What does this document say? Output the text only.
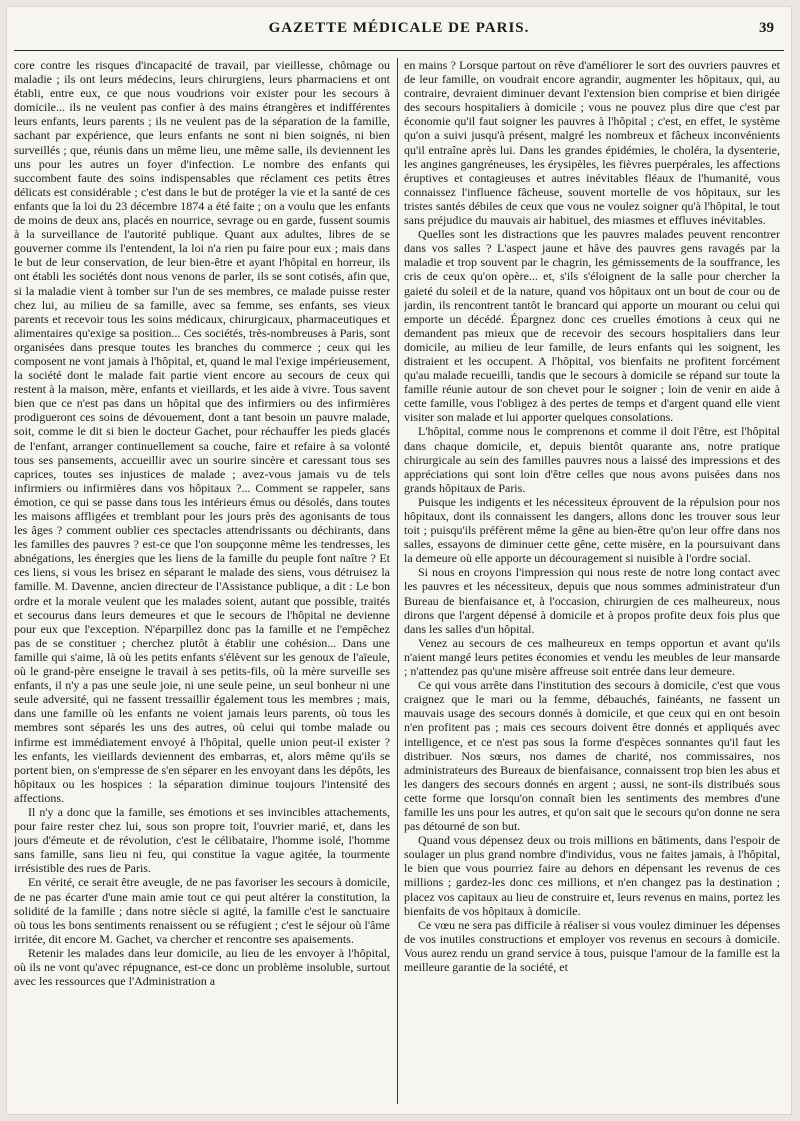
GAZETTE MÉDICALE DE PARIS.	39

core contre les risques d'incapacité de travail, par vieillesse, chômage ou maladie ; ils ont leurs médecins, leurs chirurgiens, leurs pharmaciens et ont établi, entre eux, ce que nous voudrions voir exister pour les secours à domicile... ils ne veulent pas confier à des mains étrangères et indifférentes leurs enfants, leurs parents ; ils ne veulent pas de la séparation de la famille, sachant par expérience, que leurs enfants ne sont ni bien soignés, ni bien surveillés ; que, réunis dans un même lieu, une même salle, ils deviennent les uns pour les autres un foyer d'infection. Le nombre des enfants qui succombent faute des soins indispensables que réclament ces petits êtres délicats est considérable ; c'est dans le but de protéger la vie et la santé de ces enfants que la loi du 23 décembre 1874 a été faite ; on a voulu que les enfants de moins de deux ans, placés en nourrice, sevrage ou en garde, fussent soumis à la surveillance de l'autorité publique. Quant aux adultes, libres de se gouverner comme ils l'entendent, la loi n'a rien pu faire pour eux ; mais dans le but de leur conservation, de leur bien-être et ayant l'hôpital en horreur, ils ont établi les sociétés dont nous venons de parler, ils se sont cotisés, afin que, si la maladie vient à tomber sur l'un de ses membres, ce malade puisse rester chez lui, au milieu de sa famille, avec sa femme, ses enfants, ses vieux parents et recevoir tous les soins médicaux, chirurgicaux, pharmaceutiques et alimentaires qu'exige sa position... Ces sociétés, très-nombreuses à Paris, sont organisées dans presque toutes les branches du commerce ; ceux qui les composent ne vont jamais à l'hôpital, et, quand le mal l'exige impérieusement, la société dont le malade fait partie vient encore au secours de ceux qui restent à la maison, mère, enfants et vieillards, et les aide à vivre. Tous savent bien que ce n'est pas dans un hôpital que des infirmiers ou des infirmières prodigueront ces soins de dévouement, dont a tant besoin un pauvre malade, soit, comme le dit si bien le docteur Gachet, pour réchauffer les pieds glacés de l'enfant, arranger continuellement sa couche, faire et refaire à sa volonté tous ses pansements, accueillir avec un sourire sincère et caressant tous ses caprices, toutes ses injustices de malade ; avez-vous jamais vu de tels infirmiers ou infirmières dans vos hôpitaux ?... Comment se rappeler, sans émotion, ce qui se passe dans tous les intérieurs émus ou désolés, dans toutes les maisons affligées et tremblant pour les jours près des agonisants de tous les âges ? comment oublier ces spectacles attendrissants ou déchirants, dans les familles des pauvres ? est-ce que l'on soupçonne même les tendresses, les abnégations, les énergies que les liens de la famille du peuple font naître ? Et ces liens, si vous les brisez en séparant le malade des siens, vous détruisez la famille. M. Davenne, ancien directeur de l'Assistance publique, a dit : Le bon ordre et la morale veulent que les malades soient, autant que possible, traités et secourus dans leurs demeures et que le secours de l'hôpital ne devienne pour eux que l'exception. N'éparpillez donc pas la famille et ne l'empêchez pas de se constituer ; cherchez plutôt à établir une cohésion... Dans une famille qui s'aime, là où les petits enfants s'élèvent sur les genoux de l'aïeule, où le grand-père enseigne le travail à ses petits-fils, où la mère surveille ses enfants, il n'y a pas une seule joie, ni une seule peine, un seul bonheur ni une seule adversité, qui ne fassent tressaillir également tous les membres ; mais, dans une famille où les enfants ne voient jamais leurs parents, où tous les membres sont séparés les uns des autres, où celui qui tombe malade ou infirme est immédiatement envoyé à l'hôpital, quelle union peut-il exister ? les enfants, les vieillards deviennent des embarras, et, alors même qu'ils se portent bien, on s'empresse de s'en séparer en les envoyant dans les dépôts, les hôpitaux ou les hospices : la séparation diminue toujours l'intensité des affections.

Il n'y a donc que la famille, ses émotions et ses invincibles attachements, pour faire rester chez lui, sous son propre toit, l'ouvrier marié, et, dans les jours d'émeute et de révolution, c'est le célibataire, l'homme isolé, l'homme sans famille, sans lieu ni feu, qui constitue la vague agitée, la tourmente irrésistible des rues de Paris.

En vérité, ce serait être aveugle, de ne pas favoriser les secours à domicile, de ne pas écarter d'une main amie tout ce qui peut altérer la constitution, la solidité de la famille ; dans notre siècle si agité, la famille c'est le sanctuaire où tous les bons sentiments renaissent ou se réfugient ; c'est le séjour où l'âme irritée, dit encore M. Gachet, va chercher et rencontre ses apaisements.

Retenir les malades dans leur domicile, au lieu de les envoyer à l'hôpital, où ils ne vont qu'avec répugnance, est-ce donc un problème insoluble, surtout avec les ressources que l'Administration a

en mains ? Lorsque partout on rêve d'améliorer le sort des ouvriers pauvres et de leur famille, on voudrait encore agrandir, augmenter les hôpitaux, qui, au contraire, devraient diminuer devant l'extension bien comprise et bien dirigée des secours hospitaliers à domicile ; vous ne pouvez plus dire que c'est par économie qu'il faut soigner les pauvres à l'hôpital ; c'est, en effet, le système qu'on a suivi jusqu'à présent, malgré les nombreux et fâcheux inconvénients qu'il entraîne après lui. Dans les grandes épidémies, le choléra, la dysenterie, les angines gangréneuses, les érysipèles, les fièvres puerpérales, les affections éruptives et contagieuses et autres inévitables fléaux de l'humanité, vous connaissez l'influence fâcheuse, souvent mortelle de vos hôpitaux, sur les tristes santés débiles de ceux que vous ne voulez soigner qu'à l'hôpital, le tout sans préjudice du mauvais air habituel, des miasmes et effluves inévitables.

Quelles sont les distractions que les pauvres malades peuvent rencontrer dans vos salles ? L'aspect jaune et hâve des pauvres gens ravagés par la maladie et trop souvent par le chagrin, les gémissements de la souffrance, les cris de ceux qu'on opère... et, s'ils s'éloignent de la salle pour chercher la gaieté du soleil et de la nature, quand vos hôpitaux ont un bout de cour ou de jardin, ils rencontrent tantôt le brancard qui apporte un mourant ou celui qui emporte un décédé. Épargnez donc ces cruelles émotions à ceux qui ne demandent pas mieux que de recevoir des secours hospitaliers dans leur domicile, au milieu de leur famille, de leurs enfants qui les soignent, les distraient et les occupent. A l'hôpital, vos bienfaits ne profitent forcément qu'au malade recueilli, tandis que le secours à domicile se répand sur toute la famille réunie autour de son chevet pour le soigner ; loin de venir en aide à cette famille, vous l'obligez à des pertes de temps et d'argent quand elle vient visiter son malade et lui apporter quelques consolations.

L'hôpital, comme nous le comprenons et comme il doit l'être, est l'hôpital dans chaque domicile, et, depuis bientôt quarante ans, notre pratique chirurgicale au sein des familles pauvres nous a laissé des impressions et des appréciations qui sont loin d'être celles que nous avons puisées dans nos grands hôpitaux de Paris.

Puisque les indigents et les nécessiteux éprouvent de la répulsion pour nos hôpitaux, dont ils connaissent les dangers, allons donc les trouver sous leur toit ; puisqu'ils préfèrent même la gêne au bien-être qu'on leur offre dans nos salles, essayons de diminuer cette gêne, cette misère, en la poursuivant dans la demeure où elle apporte un découragement si nuisible à l'ordre social.

Si nous en croyons l'impression qui nous reste de notre long contact avec les pauvres et les nécessiteux, depuis que nous sommes administrateur d'un Bureau de bienfaisance et, à l'occasion, chirurgien de ces malheureux, nous dirons que l'argent dépensé à domicile et à propos profite deux fois plus que dans les salles d'un hôpital.

Venez au secours de ces malheureux en temps opportun et avant qu'ils n'aient mangé leurs petites économies et vendu les meubles de leur mansarde ; n'attendez pas qu'une misère affreuse soit entrée dans leur demeure.

Ce qui vous arrête dans l'institution des secours à domicile, c'est que vous craignez que le mari ou la femme, débauchés, fainéants, ne fassent un mauvais usage des secours donnés à domicile, et que ceux qui en ont besoin n'en profitent pas ; mais ces secours doivent être donnés et appliqués avec intelligence, et ce n'est pas sous la forme d'espèces sonnantes qu'il faut les distribuer. Nos sœurs, nos dames de charité, nos commissaires, nos administrateurs des Bureaux de bienfaisance, connaissent trop bien les abus et les dangers des secours donnés en argent ; aussi, ne sont-ils distribués sous cette forme que lorsqu'on connaît bien les sentiments des membres d'une famille les uns pour les autres, et qu'on sait que le secours qu'on donne ne sera pas détourné de son but.

Quand vous dépensez deux ou trois millions en bâtiments, dans l'espoir de soulager un plus grand nombre d'individus, vous ne faites jamais, à l'hôpital, le bien que vous pourriez faire au dehors en dépensant les revenus de ces millions ; gardez-les donc ces millions, et n'en changez pas la destination ; placez vos capitaux au lieu de construire et, leurs revenus en mains, portez les bienfaits de vos hôpitaux à domicile.

Ce vœu ne sera pas difficile à réaliser si vous voulez diminuer les dépenses de vos inutiles constructions et employer vos revenus en secours à domicile. Vous aurez rendu un grand service à tous, puisque l'amour de la famille est la meilleure garantie de la société, et
